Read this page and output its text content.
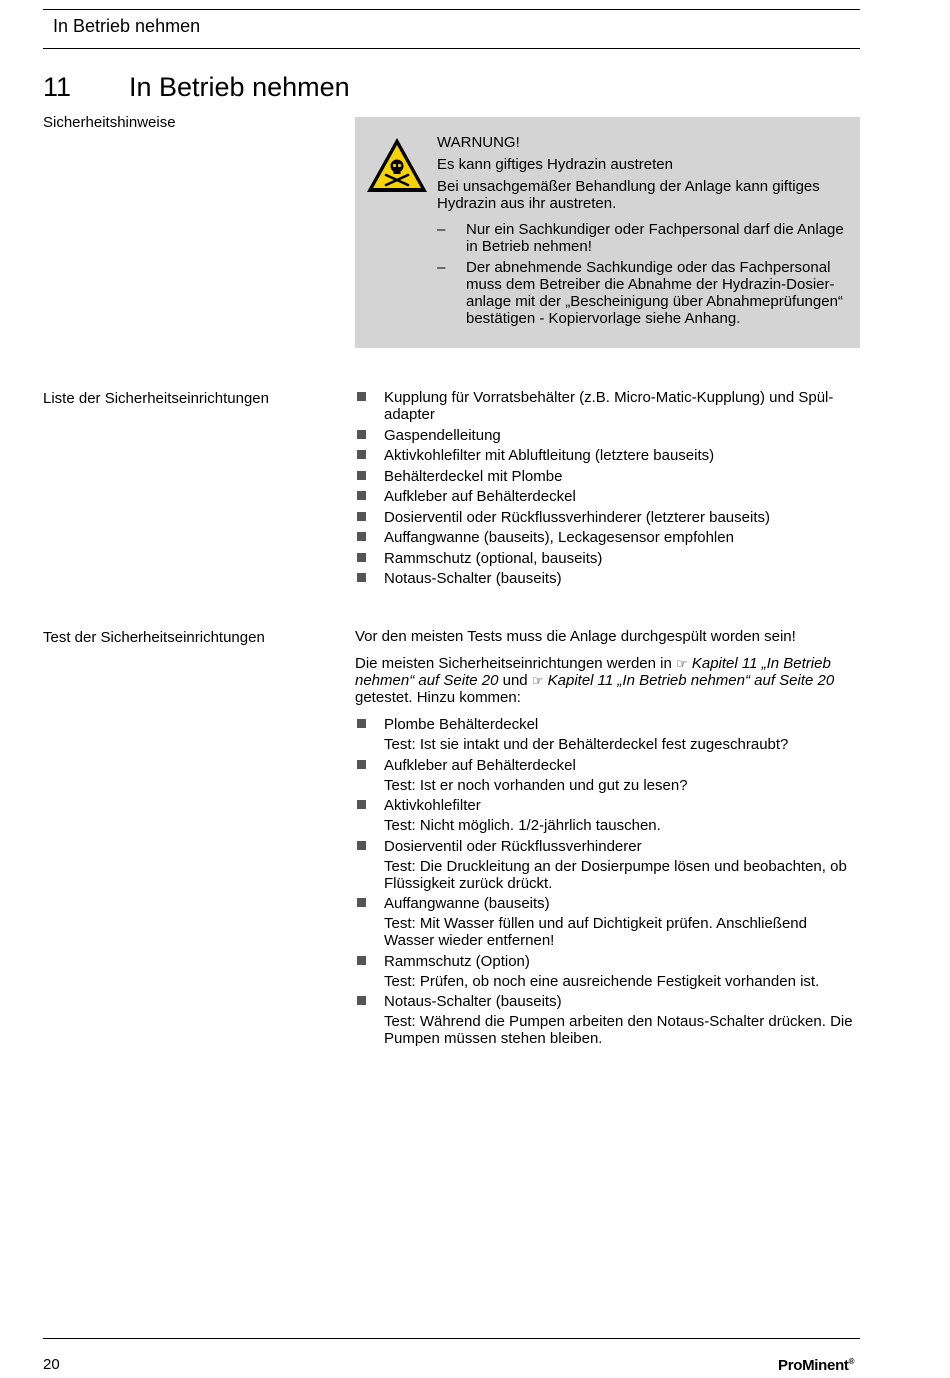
In Betrieb nehmen
11 In Betrieb nehmen
Sicherheitshinweise

WARNUNG!

Es kann giftiges Hydrazin austreten

Bei unsachgemäßer Behandlung der Anlage kann giftiges Hydrazin aus ihr austreten.

– Nur ein Sachkundiger oder Fachpersonal darf die Anlage in Betrieb nehmen!
– Der abnehmende Sachkundige oder das Fachpersonal muss dem Betreiber die Abnahme der Hydrazin-Dosieranlage mit der „Bescheinigung über Abnahmeprüfungen“ bestätigen - Kopiervorlage siehe Anhang.
Liste der Sicherheitseinrichtungen	Kupplung für Vorratsbehälter (z.B. Micro-Matic-Kupplung) und Spüladapter
Gaspendelleitung
Aktivkohlefilter mit Abluftleitung (letztere bauseits)
Behälterdeckel mit Plombe
Aufkleber auf Behälterdeckel
Dosierventil oder Rückflussverhinderer (letzterer bauseits)
Auffangwanne (bauseits), Leckagesensor empfohlen
Rammschutz (optional, bauseits)
Notaus-Schalter (bauseits)
Test der Sicherheitseinrichtungen	Vor den meisten Tests muss die Anlage durchgespült worden sein!

Die meisten Sicherheitseinrichtungen werden in ☞ Kapitel 11 „In Betrieb nehmen“ auf Seite 20 und ☞ Kapitel 11 „In Betrieb nehmen“ auf Seite 20 getestet. Hinzu kommen:

Plombe Behälterdeckel
Test: Ist sie intakt und der Behälterdeckel fest zugeschraubt?
Aufkleber auf Behälterdeckel
Test: Ist er noch vorhanden und gut zu lesen?
Aktivkohlefilter
Test: Nicht möglich. 1/2-jährlich tauschen.
Dosierventil oder Rückflussverhinderer
Test: Die Druckleitung an der Dosierpumpe lösen und beobachten, ob Flüssigkeit zurück drückt.
Auffangwanne (bauseits)
Test: Mit Wasser füllen und auf Dichtigkeit prüfen. Anschließend Wasser wieder entfernen!
Rammschutz (Option)
Test: Prüfen, ob noch eine ausreichende Festigkeit vorhanden ist.
Notaus-Schalter (bauseits)
Test: Während die Pumpen arbeiten den Notaus-Schalter drücken. Die Pumpen müssen stehen bleiben.
20	ProMinent®
